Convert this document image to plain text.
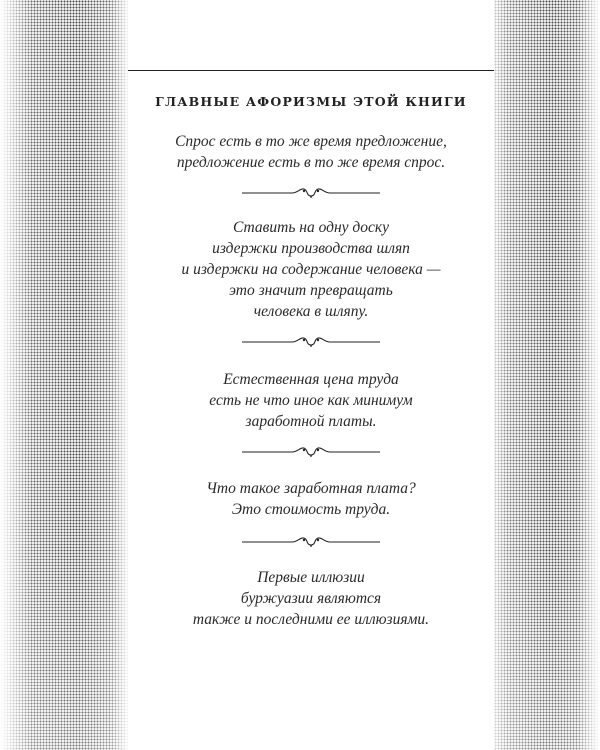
ГЛАВНЫЕ АФОРИЗМЫ ЭТОЙ КНИГИ
Спрос есть в то же время предложение,
предложение есть в то же время спрос.
Ставить на одну доску
издержки производства шляп
и издержки на содержание человека —
это значит превращать
человека в шляпу.
Естественная цена труда
есть не что иное как минимум
заработной платы.
Что такое заработная плата?
Это стоимость труда.
Первые иллюзии
буржуазии являются
также и последними ее иллюзиями.
